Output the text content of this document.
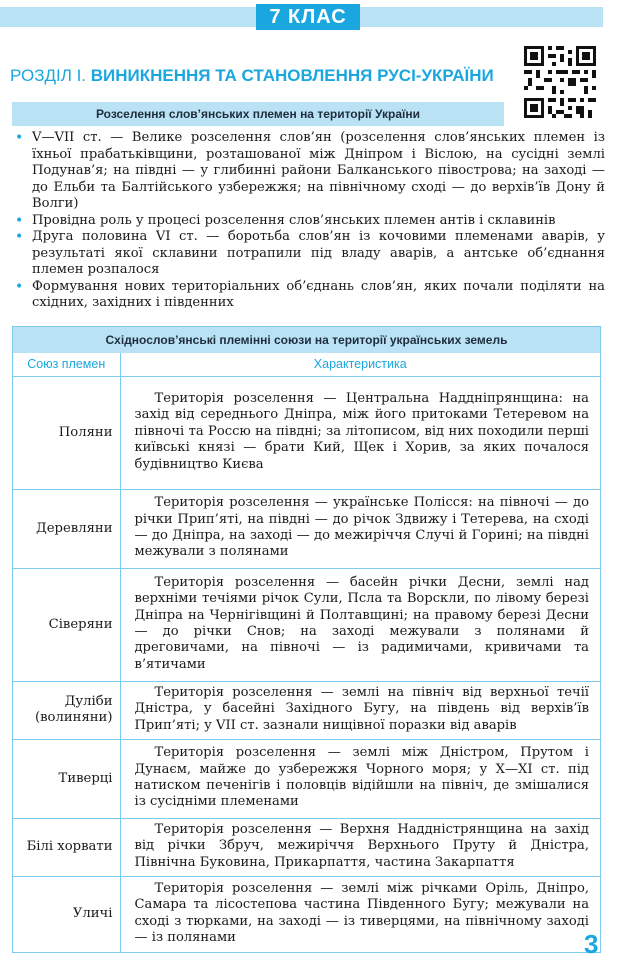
7 КЛАС
РОЗДІЛ І. ВИНИКНЕННЯ ТА СТАНОВЛЕННЯ РУСІ-УКРАЇНИ
Розселення слов’янських племен на території України
• V—VII ст. — Велике розселення слов’ян (розселення слов’янських племен із їхньої прабатьківщини, розташованої між Дніпром і Віслою, на сусідні землі Подунав’я; на півдні — у глибинні райони Балканського півострова; на заході — до Ельби та Балтійського узбережжя; на північному сході — до верхів’їв Дону й Волги)
• Провідна роль у процесі розселення слов’янських племен антів і склавинів
• Друга половина VI ст. — боротьба слов’ян із кочовими племенами аварів, у результаті якої склавини потрапили під владу аварів, а антське об’єднання племен розпалося
• Формування нових територіальних об’єднань слов’ян, яких почали поділяти на східних, західних і південних
Східнослов’янські племінні союзи на території українських земель
Союз племен	Характеристика
Поляни	Територія розселення — Центральна Наддніпрянщина: на захід від середнього Дніпра, між його притоками Тетеревом на півночі та Россю на півдні; за літописом, від них походили перші київські князі — брати Кий, Щек і Хорив, за яких почалося будівництво Києва
Деревляни	Територія розселення — українське Полісся: на півночі — до річки Прип’яті, на півдні — до річок Здвижу і Тетерева, на сході — до Дніпра, на заході — до межиріччя Случі й Горині; на півдні межували з полянами
Сіверяни	Територія розселення — басейн річки Десни, землі над верхніми течіями річок Сули, Псла та Ворскли, по лівому березі Дніпра на Чернігівщині й Полтавщині; на правому березі Десни — до річки Снов; на заході межували з полянами й дреговичами, на півночі — із радимичами, кривичами та в’ятичами
Дуліби (волиняни)	Територія розселення — землі на північ від верхньої течії Дністра, у басейні Західного Бугу, на південь від верхів’їв Прип’яті; у VII ст. зазнали нищівної поразки від аварів
Тиверці	Територія розселення — землі між Дністром, Прутом і Дунаєм, майже до узбережжя Чорного моря; у Х—ХІ ст. під натиском печенігів і половців відійшли на північ, де змішалися із сусідніми племенами
Білі хорвати	Територія розселення — Верхня Наддністрянщина на захід від річки Збруч, межиріччя Верхнього Пруту й Дністра, Північна Буковина, Прикарпаття, частина Закарпаття
Уличі	Територія розселення — землі між річками Оріль, Дніпро, Самара та лісостепова частина Південного Бугу; межували на сході з тюрками, на заході — із тиверцями, на північному заході — із полянами	3
